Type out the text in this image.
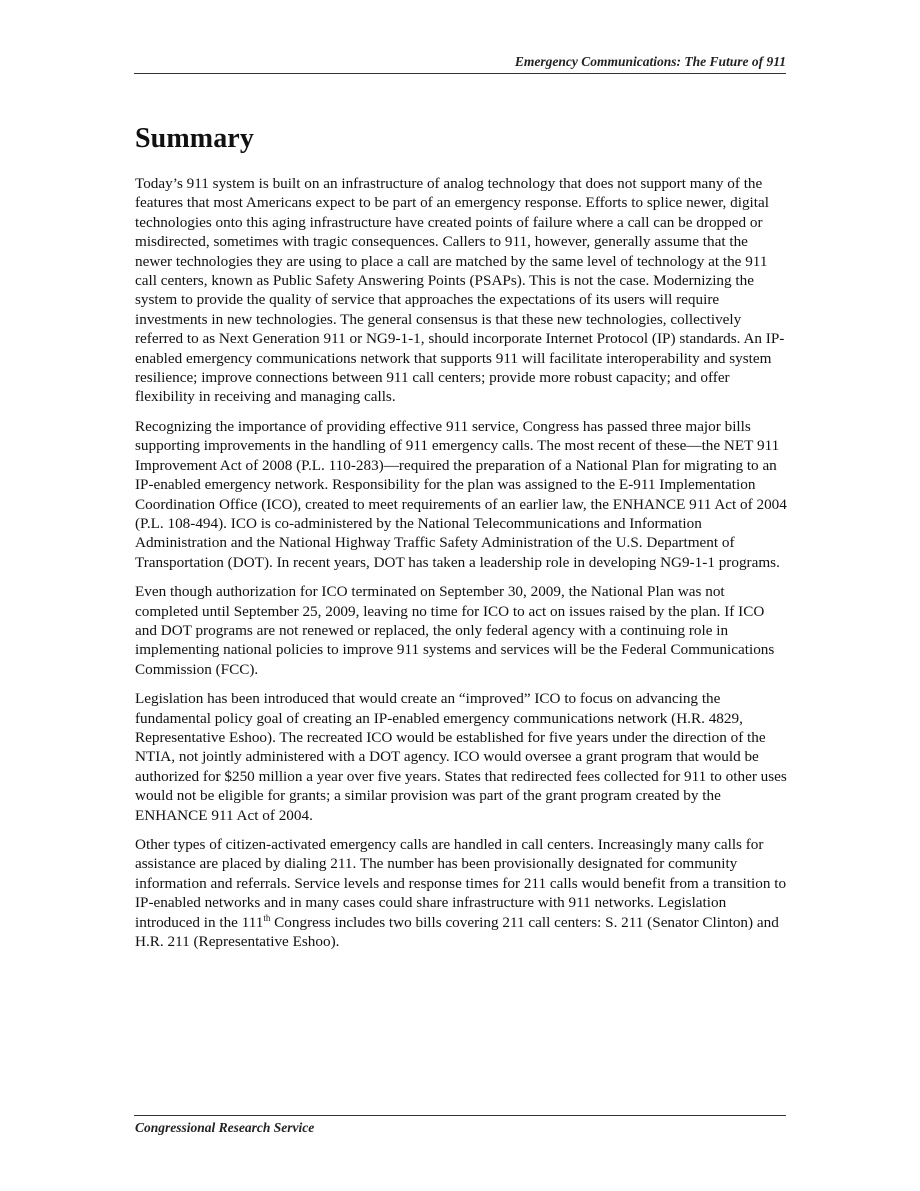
Emergency Communications: The Future of 911
Summary

Today’s 911 system is built on an infrastructure of analog technology that does not support many of the features that most Americans expect to be part of an emergency response. Efforts to splice newer, digital technologies onto this aging infrastructure have created points of failure where a call can be dropped or misdirected, sometimes with tragic consequences. Callers to 911, however, generally assume that the newer technologies they are using to place a call are matched by the same level of technology at the 911 call centers, known as Public Safety Answering Points (PSAPs). This is not the case. Modernizing the system to provide the quality of service that approaches the expectations of its users will require investments in new technologies. The general consensus is that these new technologies, collectively referred to as Next Generation 911 or NG9-1-1, should incorporate Internet Protocol (IP) standards. An IP-enabled emergency communications network that supports 911 will facilitate interoperability and system resilience; improve connections between 911 call centers; provide more robust capacity; and offer flexibility in receiving and managing calls.

Recognizing the importance of providing effective 911 service, Congress has passed three major bills supporting improvements in the handling of 911 emergency calls. The most recent of these—the NET 911 Improvement Act of 2008 (P.L. 110-283)—required the preparation of a National Plan for migrating to an IP-enabled emergency network. Responsibility for the plan was assigned to the E-911 Implementation Coordination Office (ICO), created to meet requirements of an earlier law, the ENHANCE 911 Act of 2004 (P.L. 108-494). ICO is co-administered by the National Telecommunications and Information Administration and the National Highway Traffic Safety Administration of the U.S. Department of Transportation (DOT). In recent years, DOT has taken a leadership role in developing NG9-1-1 programs.

Even though authorization for ICO terminated on September 30, 2009, the National Plan was not completed until September 25, 2009, leaving no time for ICO to act on issues raised by the plan. If ICO and DOT programs are not renewed or replaced, the only federal agency with a continuing role in implementing national policies to improve 911 systems and services will be the Federal Communications Commission (FCC).

Legislation has been introduced that would create an “improved” ICO to focus on advancing the fundamental policy goal of creating an IP-enabled emergency communications network (H.R. 4829, Representative Eshoo). The recreated ICO would be established for five years under the direction of the NTIA, not jointly administered with a DOT agency. ICO would oversee a grant program that would be authorized for $250 million a year over five years. States that redirected fees collected for 911 to other uses would not be eligible for grants; a similar provision was part of the grant program created by the ENHANCE 911 Act of 2004.

Other types of citizen-activated emergency calls are handled in call centers. Increasingly many calls for assistance are placed by dialing 211. The number has been provisionally designated for community information and referrals. Service levels and response times for 211 calls would benefit from a transition to IP-enabled networks and in many cases could share infrastructure with 911 networks. Legislation introduced in the 111th Congress includes two bills covering 211 call centers: S. 211 (Senator Clinton) and H.R. 211 (Representative Eshoo).

Congressional Research Service
